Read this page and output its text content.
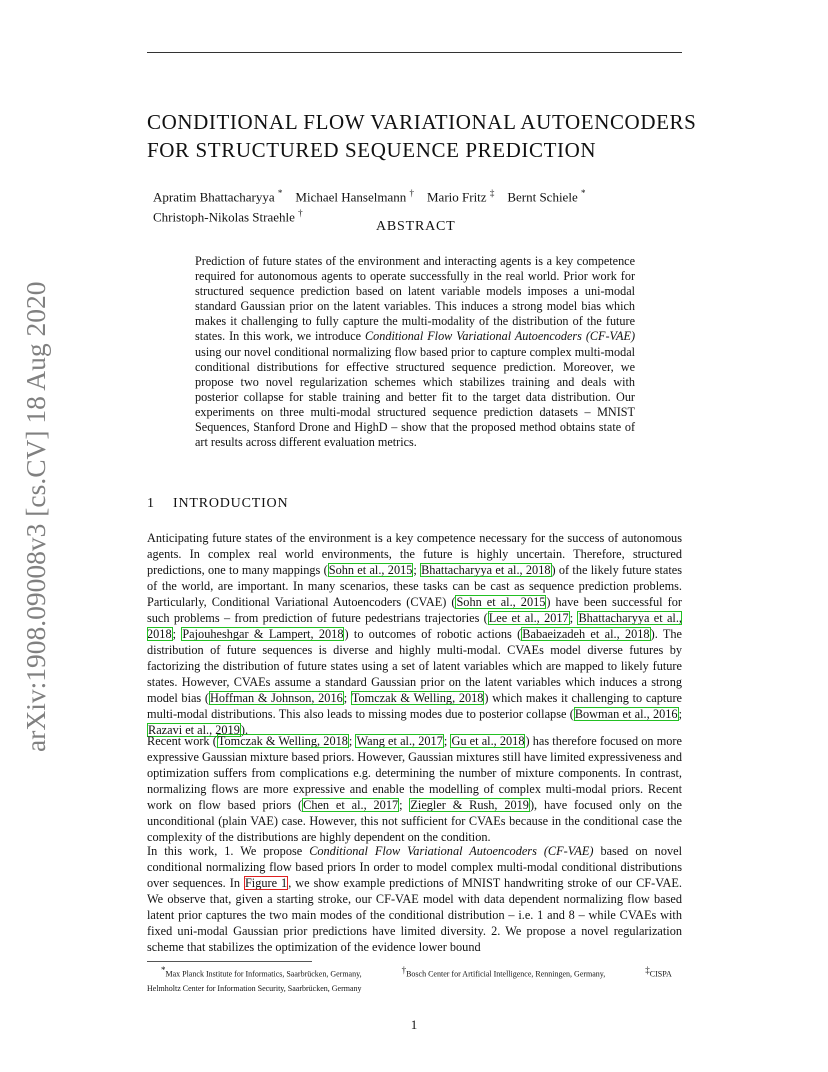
arXiv:1908.09008v3 [cs.CV] 18 Aug 2020
CONDITIONAL FLOW VARIATIONAL AUTOENCODERS FOR STRUCTURED SEQUENCE PREDICTION
Apratim Bhattacharyya * Michael Hanselmann † Mario Fritz ‡ Bernt Schiele *
Christoph-Nikolas Straehle †
ABSTRACT

Prediction of future states of the environment and interacting agents is a key competence required for autonomous agents to operate successfully in the real world. Prior work for structured sequence prediction based on latent variable models imposes a uni-modal standard Gaussian prior on the latent variables. This induces a strong model bias which makes it challenging to fully capture the multi-modality of the distribution of the future states. In this work, we introduce Conditional Flow Variational Autoencoders (CF-VAE) using our novel conditional normalizing flow based prior to capture complex multi-modal conditional distributions for effective structured sequence prediction. Moreover, we propose two novel regularization schemes which stabilizes training and deals with posterior collapse for stable training and better fit to the target data distribution. Our experiments on three multi-modal structured sequence prediction datasets – MNIST Sequences, Stanford Drone and HighD – show that the proposed method obtains state of art results across different evaluation metrics.

1 INTRODUCTION

Anticipating future states of the environment is a key competence necessary for the success of autonomous agents. In complex real world environments, the future is highly uncertain. Therefore, structured predictions, one to many mappings (Sohn et al., 2015; Bhattacharyya et al., 2018) of the likely future states of the world, are important. In many scenarios, these tasks can be cast as sequence prediction problems. Particularly, Conditional Variational Autoencoders (CVAE) (Sohn et al., 2015) have been successful for such problems – from prediction of future pedestrians trajectories (Lee et al., 2017; Bhattacharyya et al., 2018; Pajouheshgar & Lampert, 2018) to outcomes of robotic actions (Babaeizadeh et al., 2018). The distribution of future sequences is diverse and highly multi-modal. CVAEs model diverse futures by factorizing the distribution of future states using a set of latent variables which are mapped to likely future states. However, CVAEs assume a standard Gaussian prior on the latent variables which induces a strong model bias (Hoffman & Johnson, 2016; Tomczak & Welling, 2018) which makes it challenging to capture multi-modal distributions. This also leads to missing modes due to posterior collapse (Bowman et al., 2016; Razavi et al., 2019).

Recent work (Tomczak & Welling, 2018; Wang et al., 2017; Gu et al., 2018) has therefore focused on more expressive Gaussian mixture based priors. However, Gaussian mixtures still have limited expressiveness and optimization suffers from complications e.g. determining the number of mixture components. In contrast, normalizing flows are more expressive and enable the modelling of complex multi-modal priors. Recent work on flow based priors (Chen et al., 2017; Ziegler & Rush, 2019), have focused only on the unconditional (plain VAE) case. However, this not sufficient for CVAEs because in the conditional case the complexity of the distributions are highly dependent on the condition.

In this work, 1. We propose Conditional Flow Variational Autoencoders (CF-VAE) based on novel conditional normalizing flow based priors In order to model complex multi-modal conditional distributions over sequences. In Figure 1, we show example predictions of MNIST handwriting stroke of our CF-VAE. We observe that, given a starting stroke, our CF-VAE model with data dependent normalizing flow based latent prior captures the two main modes of the conditional distribution – i.e. 1 and 8 – while CVAEs with fixed uni-modal Gaussian prior predictions have limited diversity. 2. We propose a novel regularization scheme that stabilizes the optimization of the evidence lower bound

*Max Planck Institute for Informatics, Saarbrücken, Germany,	†Bosch Center for Artificial Intelligence, Renningen, Germany,	‡CISPA Helmholtz Center for Information Security, Saarbrücken, Germany
1
